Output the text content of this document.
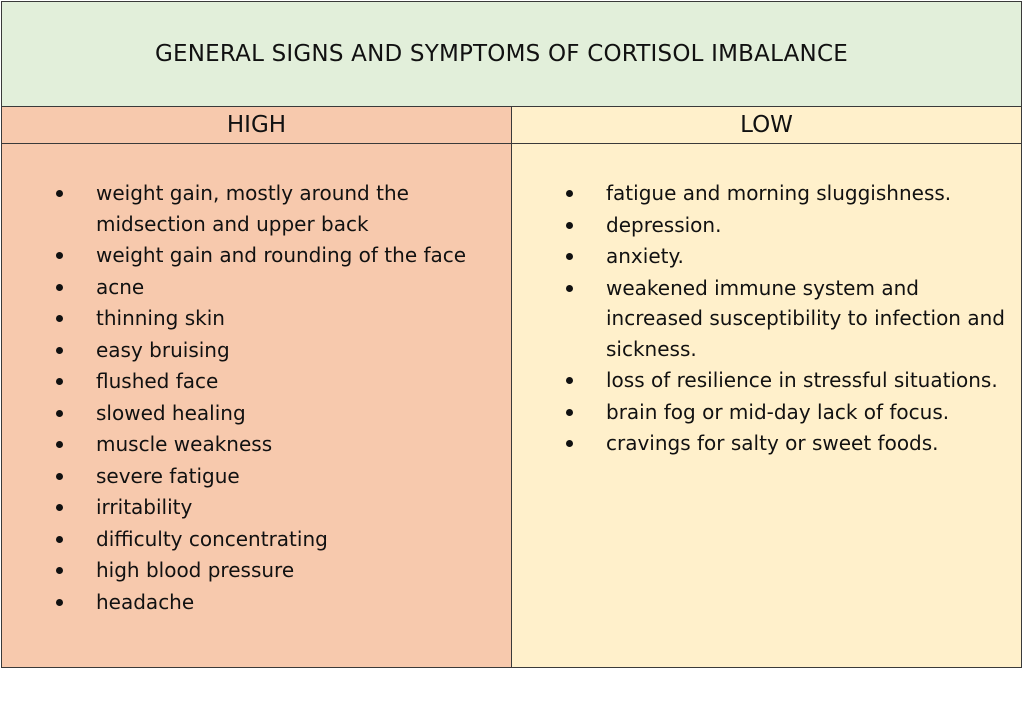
GENERAL SIGNS AND SYMPTOMS OF CORTISOL IMBALANCE
HIGH
weight gain, mostly around the midsection and upper back
weight gain and rounding of the face
acne
thinning skin
easy bruising
flushed face
slowed healing
muscle weakness
severe fatigue
irritability
difficulty concentrating
high blood pressure
headache
LOW
fatigue and morning sluggishness.
depression.
anxiety.
weakened immune system and increased susceptibility to infection and sickness.
loss of resilience in stressful situations.
brain fog or mid-day lack of focus.
cravings for salty or sweet foods.
